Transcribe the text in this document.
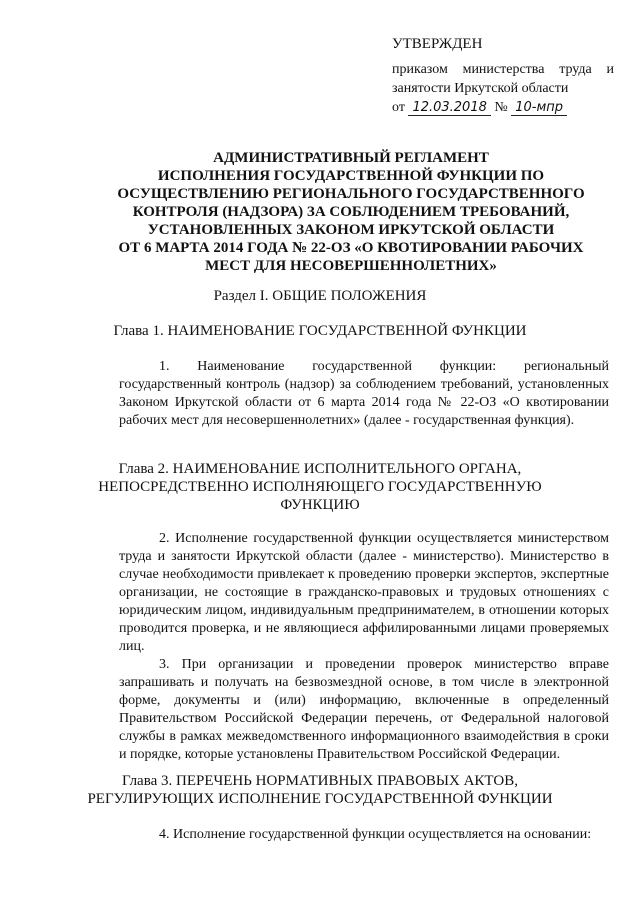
УТВЕРЖДЕН
приказом министерства труда и
занятости Иркутской области
от 12.03.2018 № 10-мпр
АДМИНИСТРАТИВНЫЙ РЕГЛАМЕНТ
ИСПОЛНЕНИЯ ГОСУДАРСТВЕННОЙ ФУНКЦИИ ПО
ОСУЩЕСТВЛЕНИЮ РЕГИОНАЛЬНОГО ГОСУДАРСТВЕННОГО
КОНТРОЛЯ (НАДЗОРА) ЗА СОБЛЮДЕНИЕМ ТРЕБОВАНИЙ,
УСТАНОВЛЕННЫХ ЗАКОНОМ ИРКУТСКОЙ ОБЛАСТИ
ОТ 6 МАРТА 2014 ГОДА № 22-ОЗ «О КВОТИРОВАНИИ РАБОЧИХ
МЕСТ ДЛЯ НЕСОВЕРШЕННОЛЕТНИХ»
Раздел I. ОБЩИЕ ПОЛОЖЕНИЯ
Глава 1. НАИМЕНОВАНИЕ ГОСУДАРСТВЕННОЙ ФУНКЦИИ
1. Наименование государственной функции: региональный государственный контроль (надзор) за соблюдением требований, установленных Законом Иркутской области от 6 марта 2014 года № 22-ОЗ «О квотировании рабочих мест для несовершеннолетних» (далее - государственная функция).
Глава 2. НАИМЕНОВАНИЕ ИСПОЛНИТЕЛЬНОГО ОРГАНА,
НЕПОСРЕДСТВЕННО ИСПОЛНЯЮЩЕГО ГОСУДАРСТВЕННУЮ
ФУНКЦИЮ
2. Исполнение государственной функции осуществляется министерством труда и занятости Иркутской области (далее - министерство). Министерство в случае необходимости привлекает к проведению проверки экспертов, экспертные организации, не состоящие в гражданско-правовых и трудовых отношениях с юридическим лицом, индивидуальным предпринимателем, в отношении которых проводится проверка, и не являющиеся аффилированными лицами проверяемых лиц.
3. При организации и проведении проверок министерство вправе запрашивать и получать на безвозмездной основе, в том числе в электронной форме, документы и (или) информацию, включенные в определенный Правительством Российской Федерации перечень, от Федеральной налоговой службы в рамках межведомственного информационного взаимодействия в сроки и порядке, которые установлены Правительством Российской Федерации.
Глава 3. ПЕРЕЧЕНЬ НОРМАТИВНЫХ ПРАВОВЫХ АКТОВ,
РЕГУЛИРУЮЩИХ ИСПОЛНЕНИЕ ГОСУДАРСТВЕННОЙ ФУНКЦИИ
4. Исполнение государственной функции осуществляется на основании:
